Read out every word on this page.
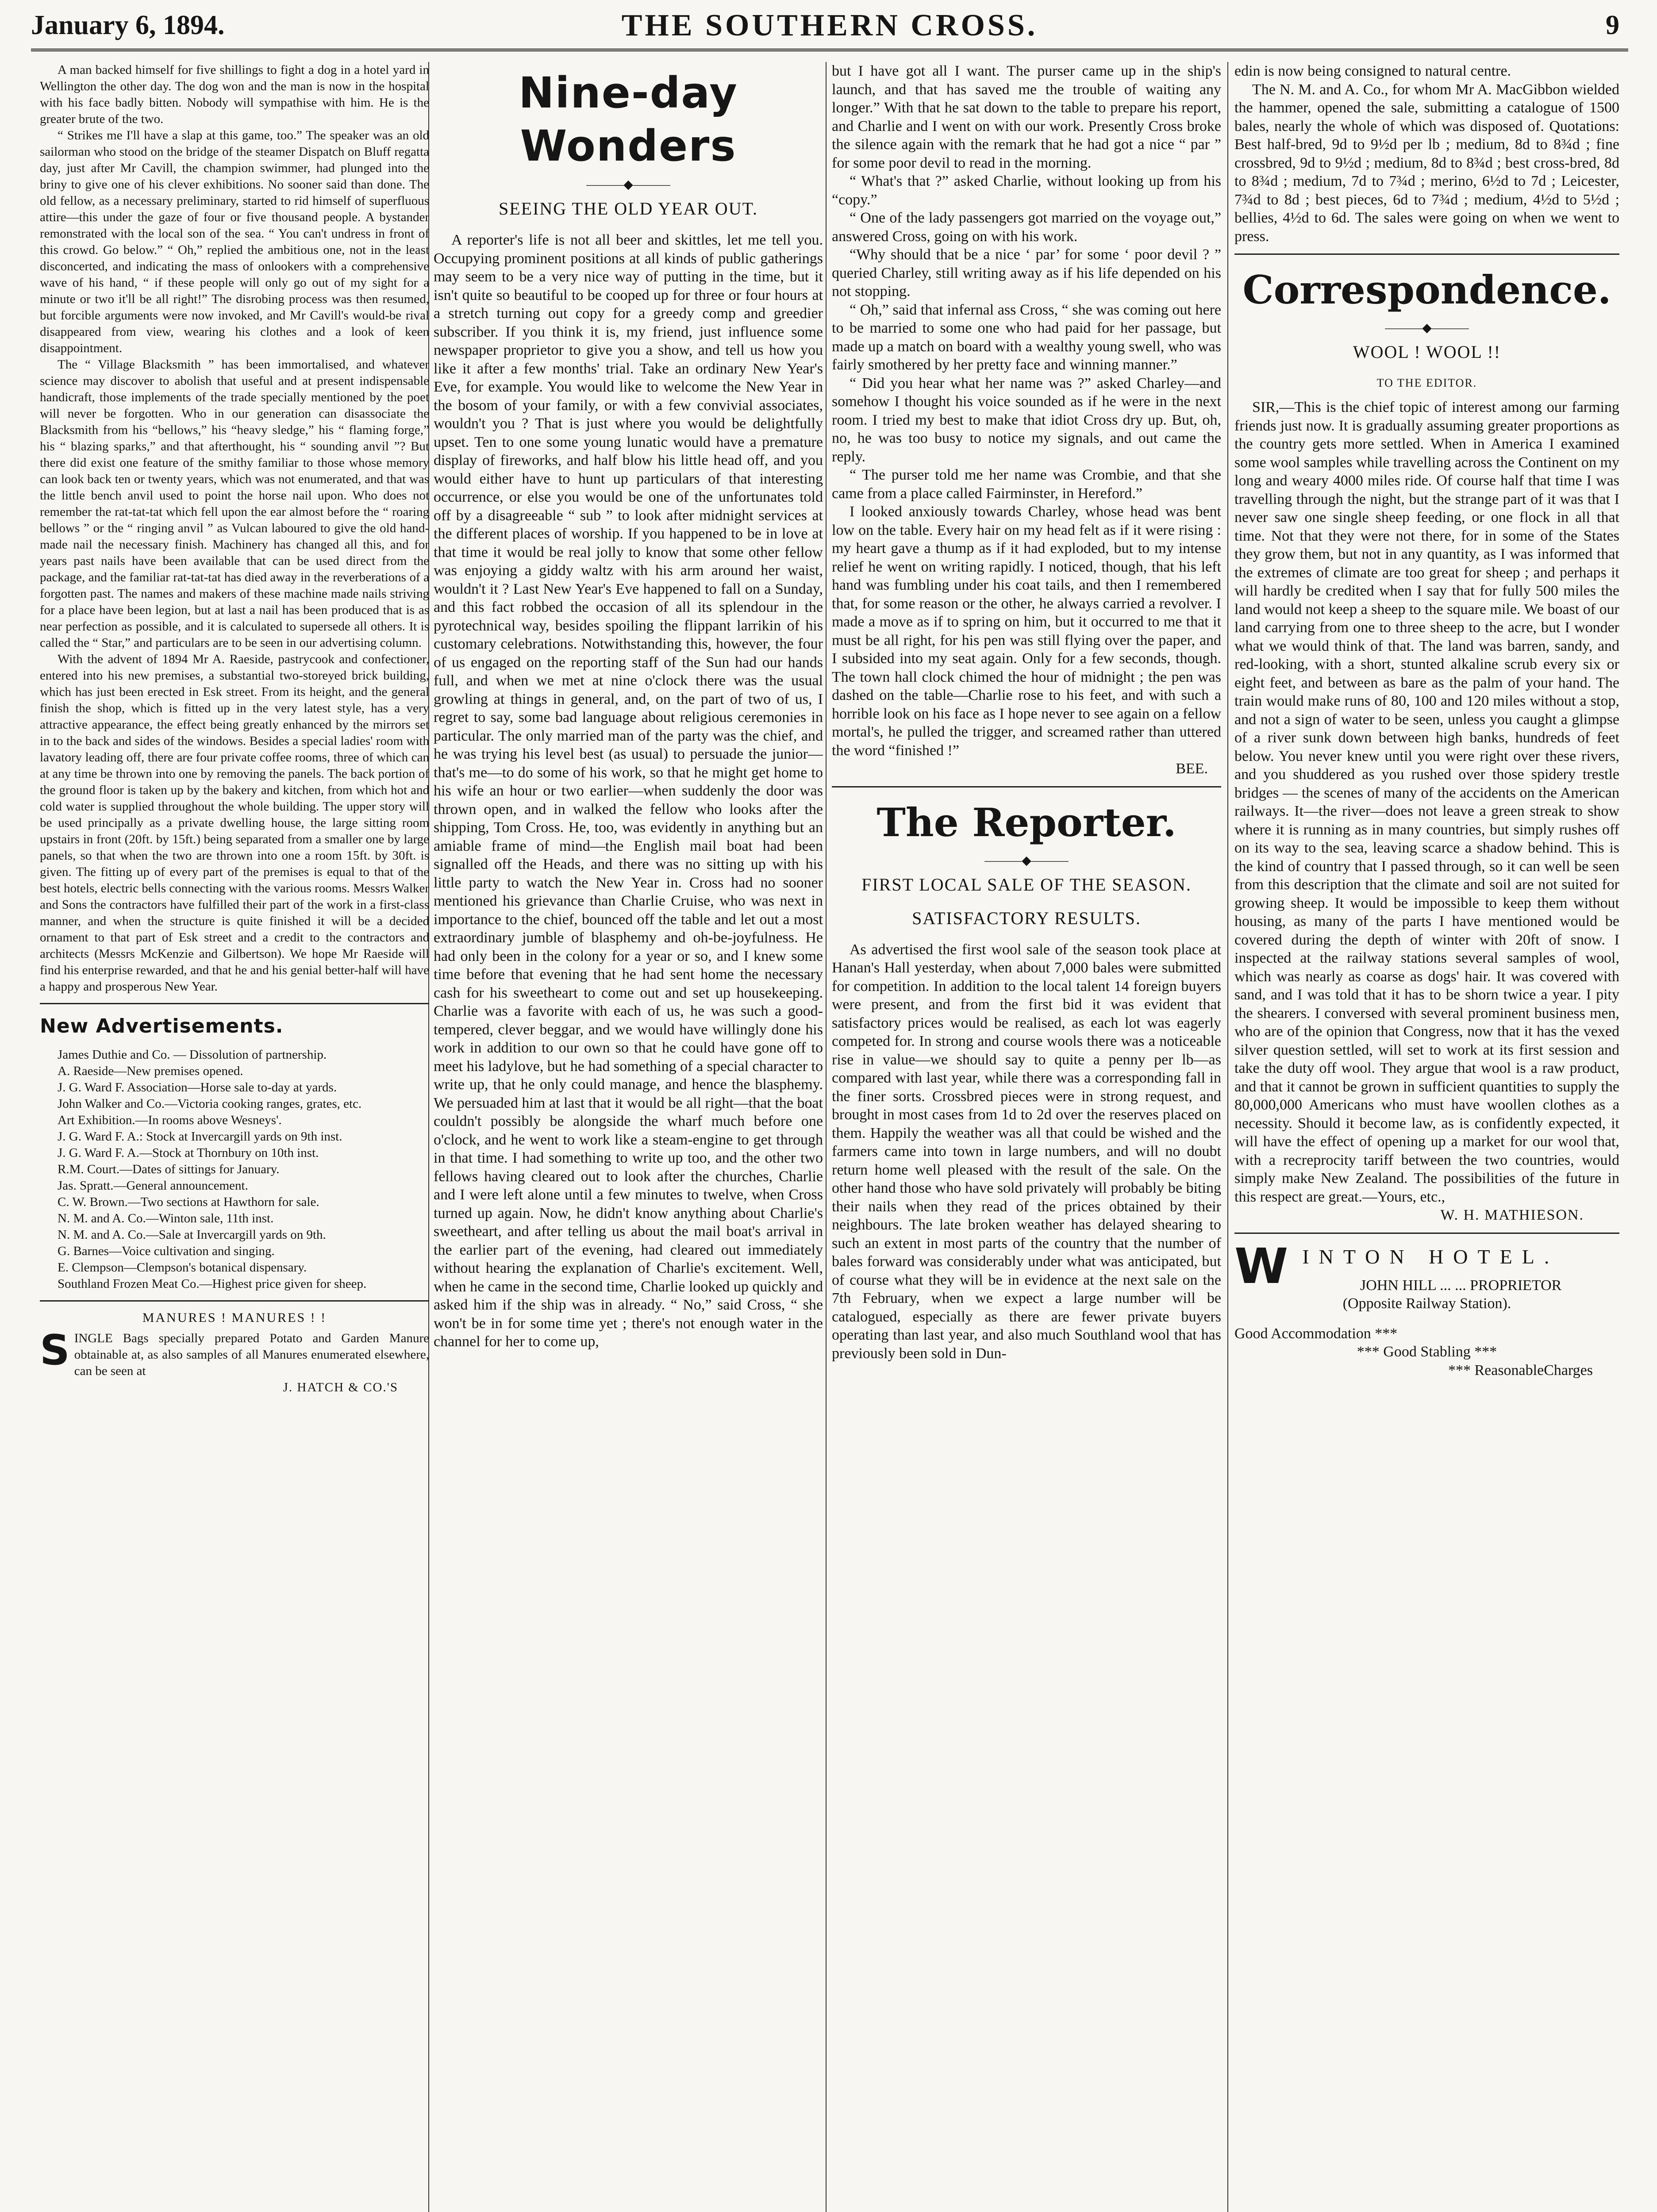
January 6, 1894.	THE SOUTHERN CROSS.	9

A man backed himself for five shillings to fight a dog in a hotel yard in Wellington the other day. The dog won and the man is now in the hospital with his face badly bitten. Nobody will sympathise with him. He is the greater brute of the two.

“ Strikes me I'll have a slap at this game, too.” The speaker was an old sailorman who stood on the bridge of the steamer Dispatch on Bluff regatta day, just after Mr Cavill, the champion swimmer, had plunged into the briny to give one of his clever exhibitions. No sooner said than done. The old fellow, as a necessary preliminary, started to rid himself of superfluous attire—this under the gaze of four or five thousand people. A bystander remonstrated with the local son of the sea. “ You can't undress in front of this crowd. Go below.” “ Oh,” replied the ambitious one, not in the least disconcerted, and indicating the mass of onlookers with a comprehensive wave of his hand, “ if these people will only go out of my sight for a minute or two it'll be all right!” The disrobing process was then resumed, but forcible arguments were now invoked, and Mr Cavill's would-be rival disappeared from view, wearing his clothes and a look of keen disappointment.

The “ Village Blacksmith ” has been immortalised, and whatever science may discover to abolish that useful and at present indispensable handicraft, those implements of the trade specially mentioned by the poet will never be forgotten. Who in our generation can disassociate the Blacksmith from his “bellows,” his “heavy sledge,” his “ flaming forge,” his “ blazing sparks,” and that afterthought, his “ sounding anvil ”? But there did exist one feature of the smithy familiar to those whose memory can look back ten or twenty years, which was not enumerated, and that was the little bench anvil used to point the horse nail upon. Who does not remember the rat-tat-tat which fell upon the ear almost before the “ roaring bellows ” or the “ ringing anvil ” as Vulcan laboured to give the old hand-made nail the necessary finish. Machinery has changed all this, and for years past nails have been available that can be used direct from the package, and the familiar rat-tat-tat has died away in the reverberations of a forgotten past. The names and makers of these machine made nails striving for a place have been legion, but at last a nail has been produced that is as near perfection as possible, and it is calculated to supersede all others. It is called the “ Star,” and particulars are to be seen in our advertising column.

With the advent of 1894 Mr A. Raeside, pastrycook and confectioner, entered into his new premises, a substantial two-storeyed brick building, which has just been erected in Esk street. From its height, and the general finish the shop, which is fitted up in the very latest style, has a very attractive appearance, the effect being greatly enhanced by the mirrors set in to the back and sides of the windows. Besides a special ladies' room with lavatory leading off, there are four private coffee rooms, three of which can at any time be thrown into one by removing the panels. The back portion of the ground floor is taken up by the bakery and kitchen, from which hot and cold water is supplied throughout the whole building. The upper story will be used principally as a private dwelling house, the large sitting room upstairs in front (20ft. by 15ft.) being separated from a smaller one by large panels, so that when the two are thrown into one a room 15ft. by 30ft. is given. The fitting up of every part of the premises is equal to that of the best hotels, electric bells connecting with the various rooms. Messrs Walker and Sons the contractors have fulfilled their part of the work in a first-class manner, and when the structure is quite finished it will be a decided ornament to that part of Esk street and a credit to the contractors and architects (Messrs McKenzie and Gilbertson). We hope Mr Raeside will find his enterprise rewarded, and that he and his genial better-half will have a happy and prosperous New Year.

New Advertisements.

James Duthie and Co. — Dissolution of partnership.

A. Raeside—New premises opened.

J. G. Ward F. Association—Horse sale to-day at yards.

John Walker and Co.—Victoria cooking ranges, grates, etc.

Art Exhibition.—In rooms above Wesneys'.

J. G. Ward F. A.: Stock at Invercargill yards on 9th inst.

J. G. Ward F. A.—Stock at Thornbury on 10th inst.

R.M. Court.—Dates of sittings for January.

Jas. Spratt.—General announcement.

C. W. Brown.—Two sections at Hawthorn for sale.

N. M. and A. Co.—Winton sale, 11th inst.

N. M. and A. Co.—Sale at Invercargill yards on 9th.

G. Barnes—Voice cultivation and singing.

E. Clempson—Clempson's botanical dispensary.

Southland Frozen Meat Co.—Highest price given for sheep.

MANURES ! MANURES ! !

SINGLE Bags specially prepared Potato and Garden Manure obtainable at, as also samples of all Manures enumerated elsewhere, can be seen at

J. HATCH & CO.'S
Nine-day Wonders
———◆———
SEEING THE OLD YEAR OUT.

A reporter's life is not all beer and skittles, let me tell you. Occupying prominent positions at all kinds of public gatherings may seem to be a very nice way of putting in the time, but it isn't quite so beautiful to be cooped up for three or four hours at a stretch turning out copy for a greedy comp and greedier subscriber. If you think it is, my friend, just influence some newspaper proprietor to give you a show, and tell us how you like it after a few months' trial. Take an ordinary New Year's Eve, for example. You would like to welcome the New Year in the bosom of your family, or with a few convivial associates, wouldn't you ? That is just where you would be delightfully upset. Ten to one some young lunatic would have a premature display of fireworks, and half blow his little head off, and you would either have to hunt up particulars of that interesting occurrence, or else you would be one of the unfortunates told off by a disagreeable “ sub ” to look after midnight services at the different places of worship. If you happened to be in love at that time it would be real jolly to know that some other fellow was enjoying a giddy waltz with his arm around her waist, wouldn't it ? Last New Year's Eve happened to fall on a Sunday, and this fact robbed the occasion of all its splendour in the pyrotechnical way, besides spoiling the flippant larrikin of his customary celebrations. Notwithstanding this, however, the four of us engaged on the reporting staff of the Sun had our hands full, and when we met at nine o'clock there was the usual growling at things in general, and, on the part of two of us, I regret to say, some bad language about religious ceremonies in particular. The only married man of the party was the chief, and he was trying his level best (as usual) to persuade the junior—that's me—to do some of his work, so that he might get home to his wife an hour or two earlier—when suddenly the door was thrown open, and in walked the fellow who looks after the shipping, Tom Cross. He, too, was evidently in anything but an amiable frame of mind—the English mail boat had been signalled off the Heads, and there was no sitting up with his little party to watch the New Year in. Cross had no sooner mentioned his grievance than Charlie Cruise, who was next in importance to the chief, bounced off the table and let out a most extraordinary jumble of blasphemy and oh-be-joyfulness. He had only been in the colony for a year or so, and I knew some time before that evening that he had sent home the necessary cash for his sweetheart to come out and set up housekeeping. Charlie was a favorite with each of us, he was such a good-tempered, clever beggar, and we would have willingly done his work in addition to our own so that he could have gone off to meet his ladylove, but he had something of a special character to write up, that he only could manage, and hence the blasphemy. We persuaded him at last that it would be all right—that the boat couldn't possibly be alongside the wharf much before one o'clock, and he went to work like a steam-engine to get through in that time. I had something to write up too, and the other two fellows having cleared out to look after the churches, Charlie and I were left alone until a few minutes to twelve, when Cross turned up again. Now, he didn't know anything about Charlie's sweetheart, and after telling us about the mail boat's arrival in the earlier part of the evening, had cleared out immediately without hearing the explanation of Charlie's excitement. Well, when he came in the second time, Charlie looked up quickly and asked him if the ship was in already. “ No,” said Cross, “ she won't be in for some time yet ; there's not enough water in the channel for her to come up,

but I have got all I want. The purser came up in the ship's launch, and that has saved me the trouble of waiting any longer.” With that he sat down to the table to prepare his report, and Charlie and I went on with our work. Presently Cross broke the silence again with the remark that he had got a nice “ par ” for some poor devil to read in the morning.

“ What's that ?” asked Charlie, without looking up from his “copy.”

“ One of the lady passengers got married on the voyage out,” answered Cross, going on with his work.

“Why should that be a nice ‘ par’ for some ‘ poor devil ? ” queried Charley, still writing away as if his life depended on his not stopping.

“ Oh,” said that infernal ass Cross, “ she was coming out here to be married to some one who had paid for her passage, but made up a match on board with a wealthy young swell, who was fairly smothered by her pretty face and winning manner.”

“ Did you hear what her name was ?” asked Charley—and somehow I thought his voice sounded as if he were in the next room. I tried my best to make that idiot Cross dry up. But, oh, no, he was too busy to notice my signals, and out came the reply.

“ The purser told me her name was Crombie, and that she came from a place called Fairminster, in Hereford.”

I looked anxiously towards Charley, whose head was bent low on the table. Every hair on my head felt as if it were rising : my heart gave a thump as if it had exploded, but to my intense relief he went on writing rapidly. I noticed, though, that his left hand was fumbling under his coat tails, and then I remembered that, for some reason or the other, he always carried a revolver. I made a move as if to spring on him, but it occurred to me that it must be all right, for his pen was still flying over the paper, and I subsided into my seat again. Only for a few seconds, though. The town hall clock chimed the hour of midnight ; the pen was dashed on the table—Charlie rose to his feet, and with such a horrible look on his face as I hope never to see again on a fellow mortal's, he pulled the trigger, and screamed rather than uttered the word “finished !”

BEE.
The Reporter.
———◆———
FIRST LOCAL SALE OF THE SEASON.
SATISFACTORY RESULTS.

As advertised the first wool sale of the season took place at Hanan's Hall yesterday, when about 7,000 bales were submitted for competition. In addition to the local talent 14 foreign buyers were present, and from the first bid it was evident that satisfactory prices would be realised, as each lot was eagerly competed for. In strong and course wools there was a noticeable rise in value—we should say to quite a penny per lb—as compared with last year, while there was a corresponding fall in the finer sorts. Crossbred pieces were in strong request, and brought in most cases from 1d to 2d over the reserves placed on them. Happily the weather was all that could be wished and the farmers came into town in large numbers, and will no doubt return home well pleased with the result of the sale. On the other hand those who have sold privately will probably be biting their nails when they read of the prices obtained by their neighbours. The late broken weather has delayed shearing to such an extent in most parts of the country that the number of bales forward was considerably under what was anticipated, but of course what they will be in evidence at the next sale on the 7th February, when we expect a large number will be catalogued, especially as there are fewer private buyers operating than last year, and also much Southland wool that has previously been sold in Dun-

edin is now being consigned to natural centre.

The N. M. and A. Co., for whom Mr A. MacGibbon wielded the hammer, opened the sale, submitting a catalogue of 1500 bales, nearly the whole of which was disposed of. Quotations: Best half-bred, 9d to 9½d per lb ; medium, 8d to 8¾d ; fine crossbred, 9d to 9½d ; medium, 8d to 8¾d ; best cross-bred, 8d to 8¾d ; medium, 7d to 7¾d ; merino, 6½d to 7d ; Leicester, 7¾d to 8d ; best pieces, 6d to 7¾d ; medium, 4½d to 5½d ; bellies, 4½d to 6d. The sales were going on when we went to press.

Correspondence.
———◆———
WOOL ! WOOL !!
TO THE EDITOR.

SIR,—This is the chief topic of interest among our farming friends just now. It is gradually assuming greater proportions as the country gets more settled. When in America I examined some wool samples while travelling across the Continent on my long and weary 4000 miles ride. Of course half that time I was travelling through the night, but the strange part of it was that I never saw one single sheep feeding, or one flock in all that time. Not that they were not there, for in some of the States they grow them, but not in any quantity, as I was informed that the extremes of climate are too great for sheep ; and perhaps it will hardly be credited when I say that for fully 500 miles the land would not keep a sheep to the square mile. We boast of our land carrying from one to three sheep to the acre, but I wonder what we would think of that. The land was barren, sandy, and red-looking, with a short, stunted alkaline scrub every six or eight feet, and between as bare as the palm of your hand. The train would make runs of 80, 100 and 120 miles without a stop, and not a sign of water to be seen, unless you caught a glimpse of a river sunk down between high banks, hundreds of feet below. You never knew until you were right over these rivers, and you shuddered as you rushed over those spidery trestle bridges — the scenes of many of the accidents on the American railways. It—the river—does not leave a green streak to show where it is running as in many countries, but simply rushes off on its way to the sea, leaving scarce a shadow behind. This is the kind of country that I passed through, so it can well be seen from this description that the climate and soil are not suited for growing sheep. It would be impossible to keep them without housing, as many of the parts I have mentioned would be covered during the depth of winter with 20ft of snow. I inspected at the railway stations several samples of wool, which was nearly as coarse as dogs' hair. It was covered with sand, and I was told that it has to be shorn twice a year. I pity the shearers. I conversed with several prominent business men, who are of the opinion that Congress, now that it has the vexed silver question settled, will set to work at its first session and take the duty off wool. They argue that wool is a raw product, and that it cannot be grown in sufficient quantities to supply the 80,000,000 Americans who must have woollen clothes as a necessity. Should it become law, as is confidently expected, it will have the effect of opening up a market for our wool that, with a recreprocity tariff between the two countries, would simply make New Zealand. The possibilities of the future in this respect are great.—Yours, etc.,

W. H. MATHIESON.
WINTON HOTEL.
JOHN HILL ... ... PROPRIETOR
(Opposite Railway Station).
Good Accommodation ***
*** Good Stabling ***
*** ReasonableCharges
